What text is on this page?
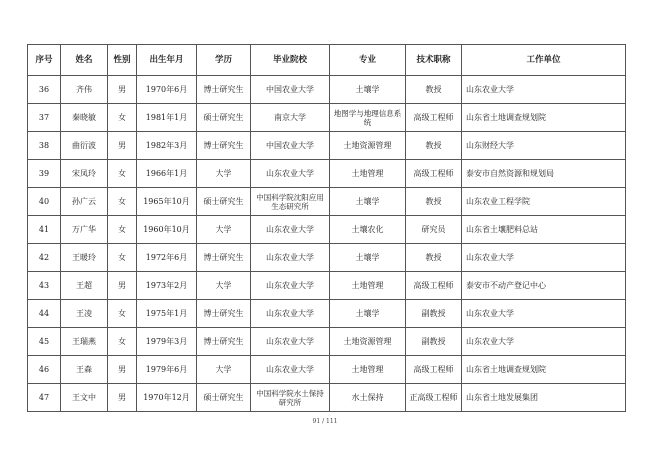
序号	姓名	性别	出生年月	学历	毕业院校	专业	技术职称	工作单位
36	齐伟	男	1970年6月	博士研究生	中国农业大学	土壤学	教授	山东农业大学
37	秦晓敏	女	1981年1月	硕士研究生	南京大学	地图学与地理信息系统	高级工程师	山东省土地调查规划院
38	曲衍波	男	1982年3月	博士研究生	中国农业大学	土地资源管理	教授	山东财经大学
39	宋凤玲	女	1966年1月	大学	山东农业大学	土地管理	高级工程师	泰安市自然资源和规划局
40	孙广云	女	1965年10月	硕士研究生	中国科学院沈阳应用生态研究所	土壤学	教授	山东农业工程学院
41	万广华	女	1960年10月	大学	山东农业大学	土壤农化	研究员	山东省土壤肥料总站
42	王暖玲	女	1972年6月	博士研究生	山东农业大学	土壤学	教授	山东农业大学
43	王超	男	1973年2月	大学	山东农业大学	土地管理	高级工程师	泰安市不动产登记中心
44	王凌	女	1975年1月	博士研究生	山东农业大学	土壤学	副教授	山东农业大学
45	王瑞燕	女	1979年3月	博士研究生	山东农业大学	土地资源管理	副教授	山东农业大学
46	王森	男	1979年6月	大学	山东农业大学	土地管理	高级工程师	山东省土地调查规划院
47	王文中	男	1970年12月	硕士研究生	中国科学院水土保持研究所	水土保持	正高级工程师	山东省土地发展集团
91 / 111
